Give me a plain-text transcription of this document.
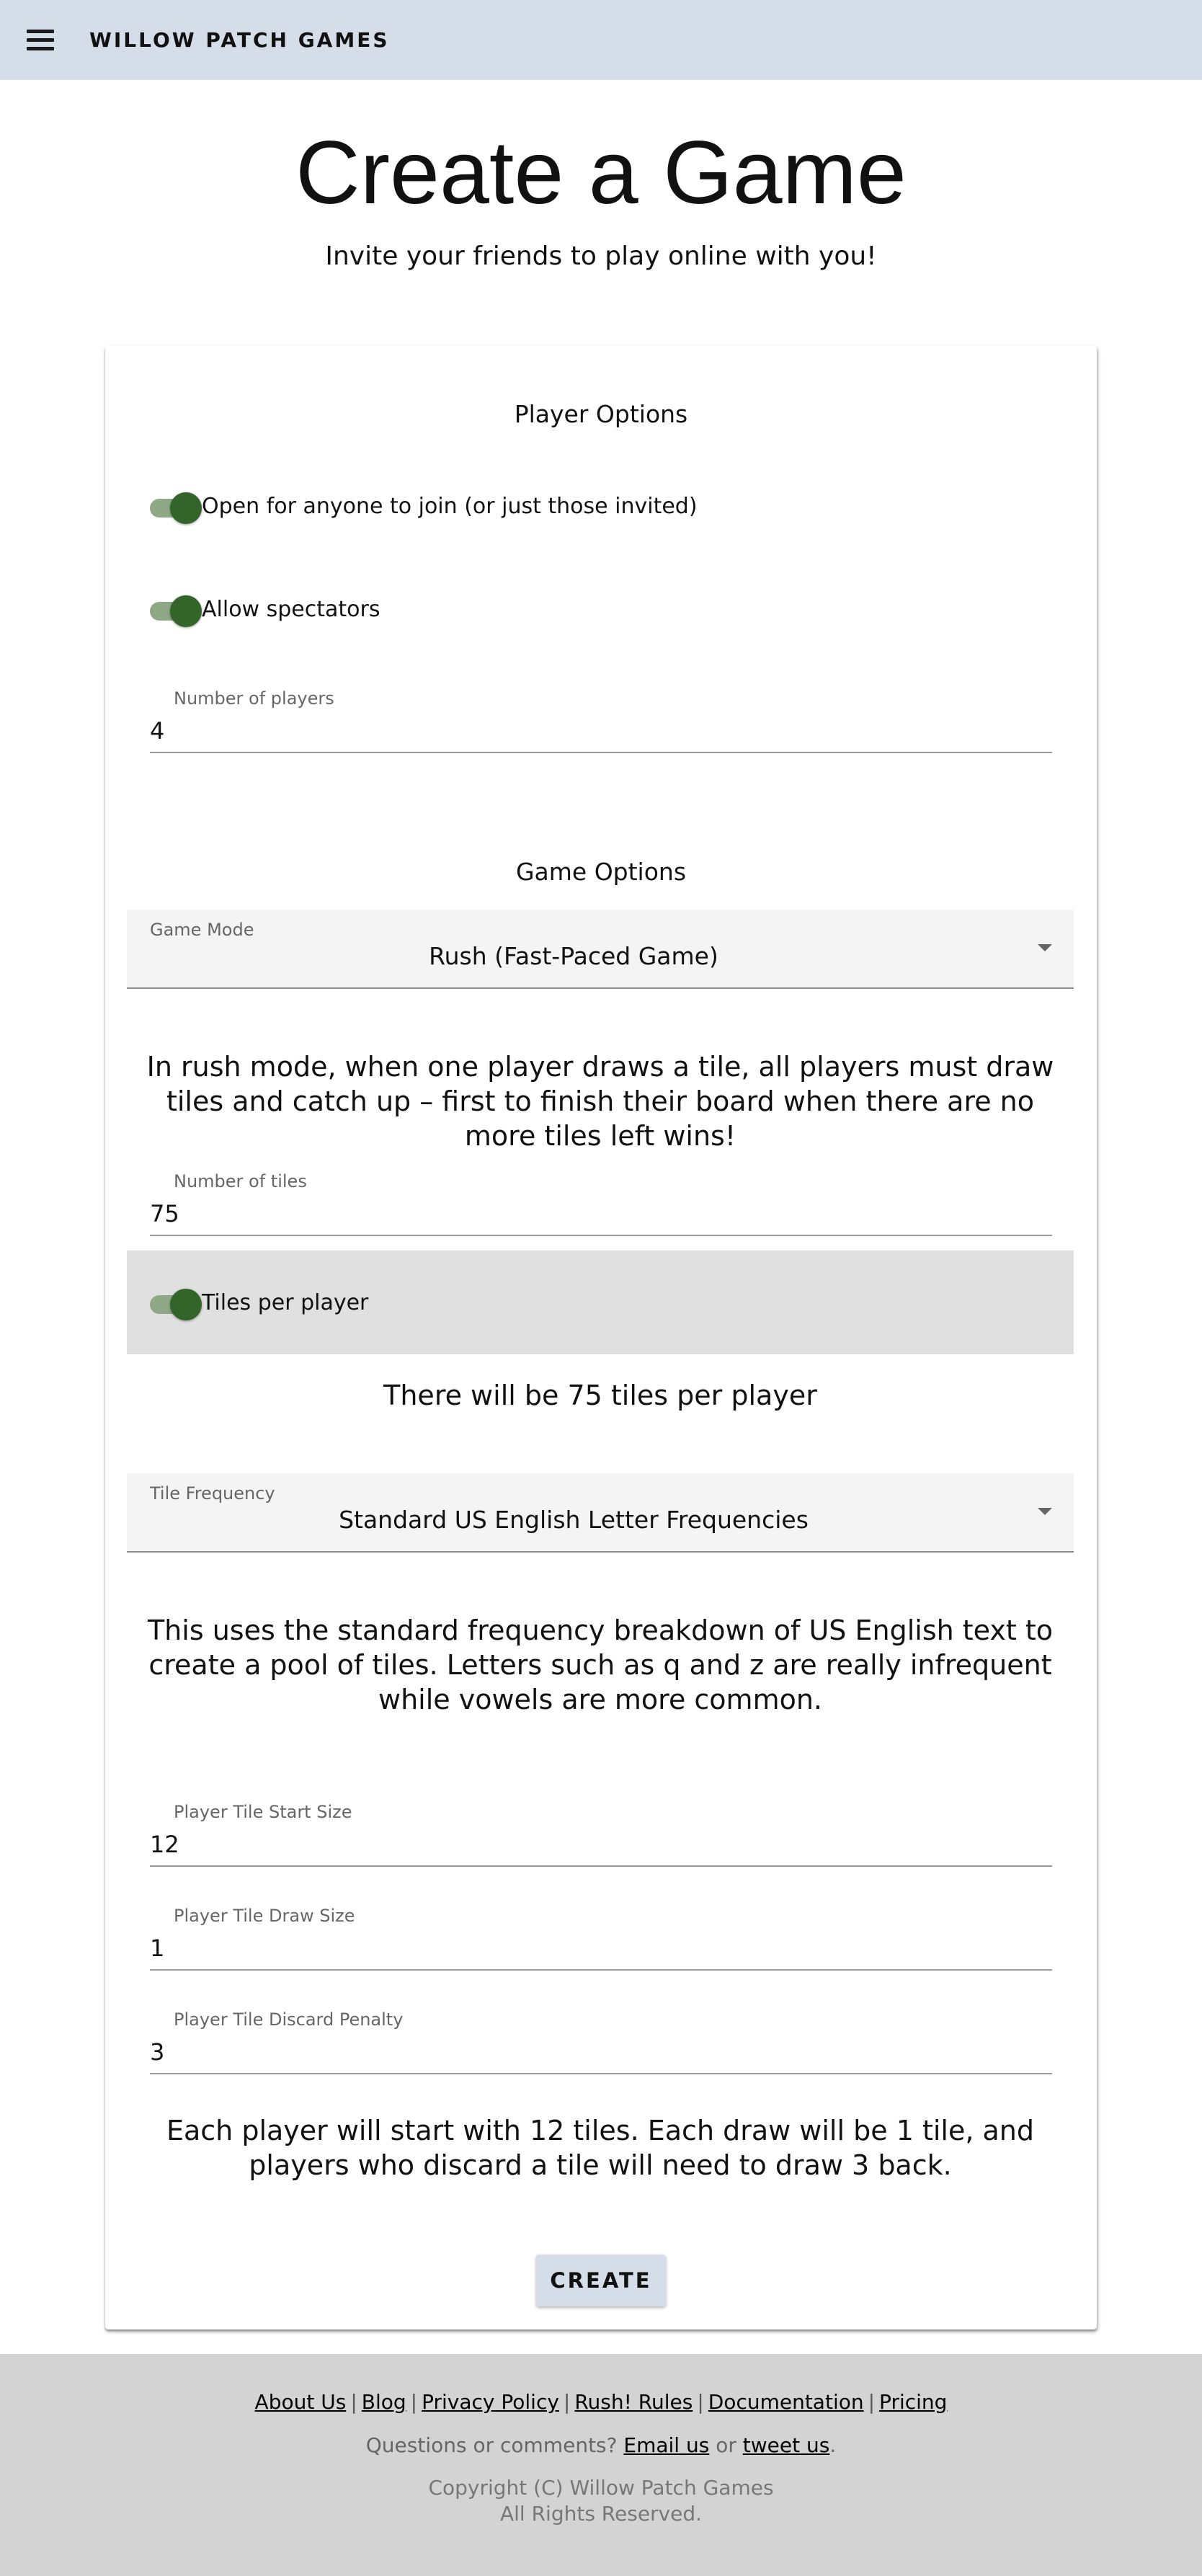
WILLOW PATCH GAMES
Create a Game
Invite your friends to play online with you!
Player Options
Open for anyone to join (or just those invited)
Allow spectators
4
Number of players
Game Options
Game Mode
Rush (Fast-Paced Game)
In rush mode, when one player draws a tile, all players must draw tiles and catch up – first to finish their board when there are no more tiles left wins!
75
Number of tiles
Tiles per player
There will be 75 tiles per player
Tile Frequency
Standard US English Letter Frequencies
This uses the standard frequency breakdown of US English text to create a pool of tiles. Letters such as q and z are really infrequent while vowels are more common.
12
Player Tile Start Size
1
Player Tile Draw Size
3
Player Tile Discard Penalty
Each player will start with 12 tiles. Each draw will be 1 tile, and players who discard a tile will need to draw 3 back.
CREATE
About Us | Blog | Privacy Policy | Rush! Rules | Documentation | Pricing
Questions or comments? Email us or tweet us.
Copyright (C) Willow Patch Games
All Rights Reserved.
